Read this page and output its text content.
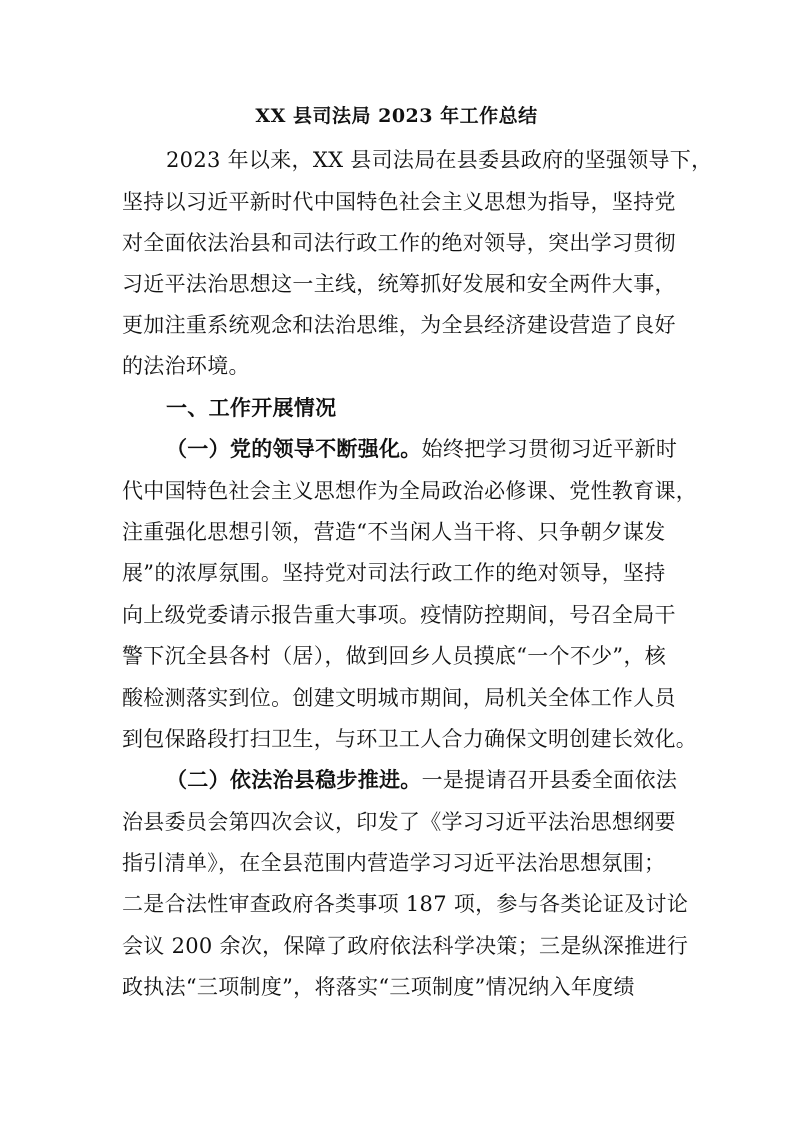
XX 县司法局 2023 年工作总结
2023 年以来，XX 县司法局在县委县政府的坚强领导下，
坚持以习近平新时代中国特色社会主义思想为指导，坚持党
对全面依法治县和司法行政工作的绝对领导，突出学习贯彻
习近平法治思想这一主线，统筹抓好发展和安全两件大事，
更加注重系统观念和法治思维，为全县经济建设营造了良好
的法治环境。
一、工作开展情况
（一）党的领导不断强化。始终把学习贯彻习近平新时
代中国特色社会主义思想作为全局政治必修课、党性教育课，
注重强化思想引领，营造“不当闲人当干将、只争朝夕谋发
展”的浓厚氛围。坚持党对司法行政工作的绝对领导，坚持
向上级党委请示报告重大事项。疫情防控期间，号召全局干
警下沉全县各村（居），做到回乡人员摸底“一个不少”，核
酸检测落实到位。创建文明城市期间，局机关全体工作人员
到包保路段打扫卫生，与环卫工人合力确保文明创建长效化。
（二）依法治县稳步推进。一是提请召开县委全面依法
治县委员会第四次会议，印发了《学习习近平法治思想纲要
指引清单》，在全县范围内营造学习习近平法治思想氛围；
二是合法性审查政府各类事项 187 项，参与各类论证及讨论
会议 200 余次，保障了政府依法科学决策；三是纵深推进行
政执法“三项制度”，将落实“三项制度”情况纳入年度绩
